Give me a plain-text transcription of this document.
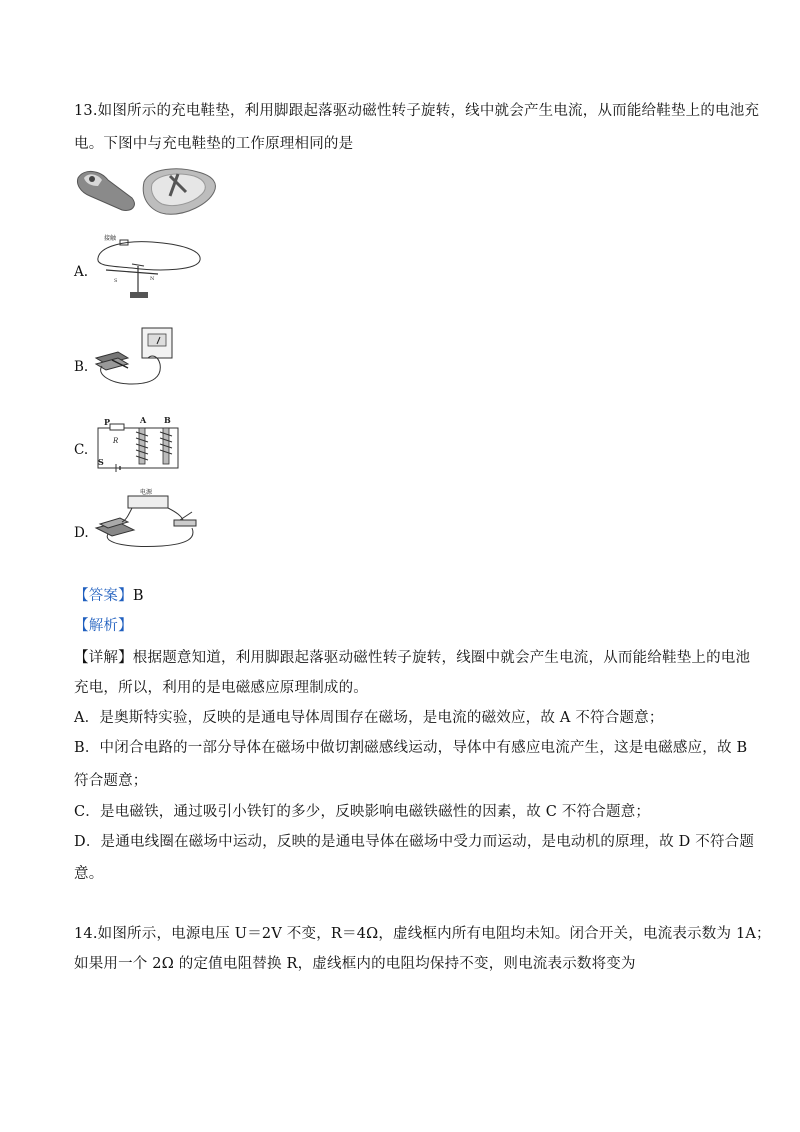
13.如图所示的充电鞋垫，利用脚跟起落驱动磁性转子旋转，线中就会产生电流，从而能给鞋垫上的电池充
电。下图中与充电鞋垫的工作原理相同的是
A.
接触
S	N
B.
C.
P
R
S
A B
D.
电源
【答案】B
【解析】
【详解】根据题意知道，利用脚跟起落驱动磁性转子旋转，线圈中就会产生电流，从而能给鞋垫上的电池
充电，所以，利用的是电磁感应原理制成的。
A．是奥斯特实验，反映的是通电导体周围存在磁场，是电流的磁效应，故 A 不符合题意；
B．中闭合电路的一部分导体在磁场中做切割磁感线运动，导体中有感应电流产生，这是电磁感应，故 B
符合题意；
C．是电磁铁，通过吸引小铁钉的多少，反映影响电磁铁磁性的因素，故 C 不符合题意；
D．是通电线圈在磁场中运动，反映的是通电导体在磁场中受力而运动，是电动机的原理，故 D 不符合题
意。
14.如图所示，电源电压 U＝2V 不变，R＝4Ω，虚线框内所有电阻均未知。闭合开关，电流表示数为 1A；
如果用一个 2Ω 的定值电阻替换 R，虚线框内的电阻均保持不变，则电流表示数将变为
